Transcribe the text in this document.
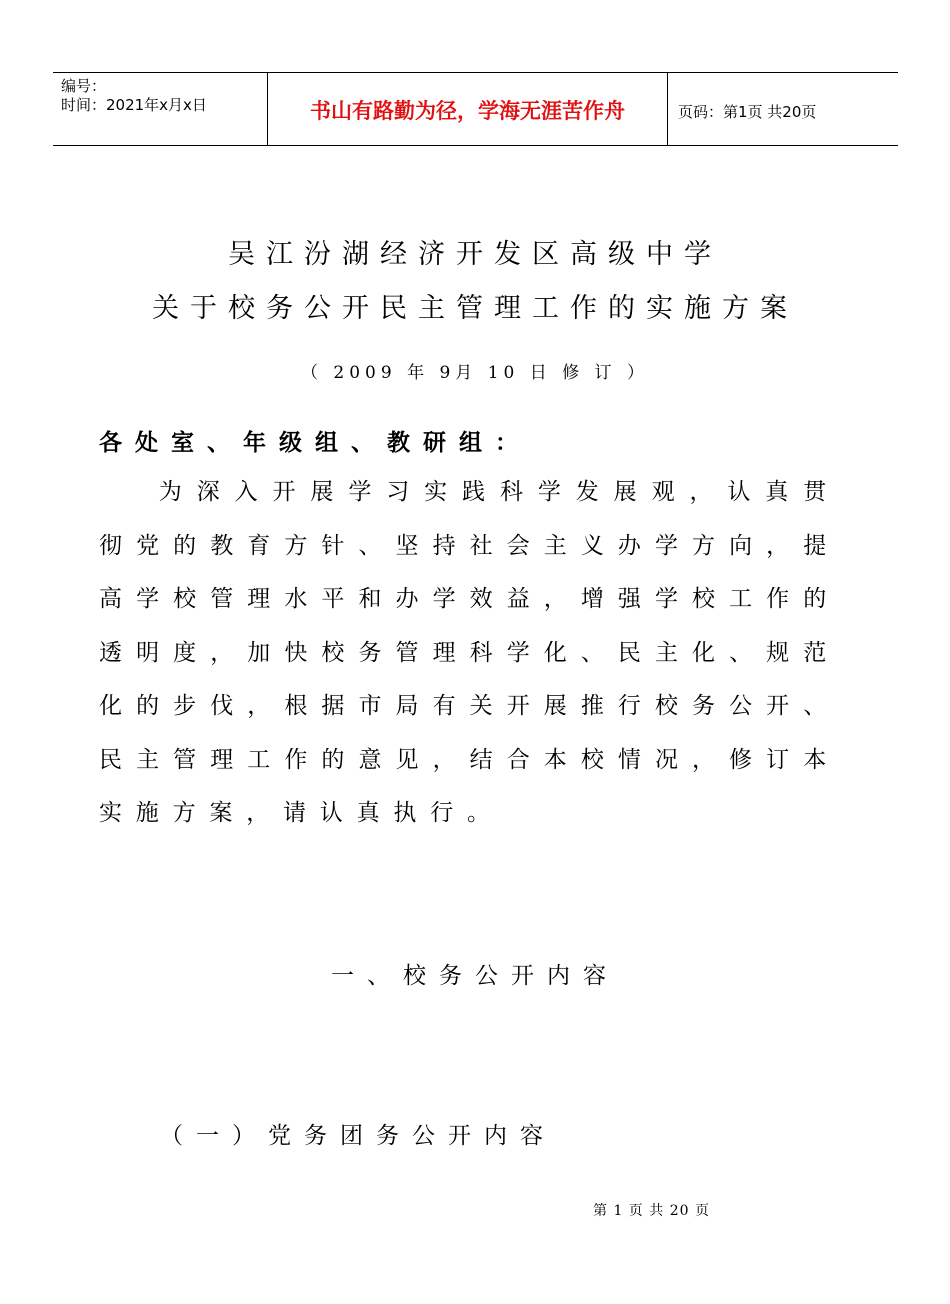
编号：
时间：2021年x月x日	书山有路勤为径，学海无涯苦作舟	页码：第1页 共20页
吴江汾湖经济开发区高级中学
关于校务公开民主管理工作的实施方案
（ 2009 年 9月 10 日 修 订 ）
各处室、年级组、教研组：
为深入开展学习实践科学发展观，认真贯彻党的教育方针、坚持社会主义办学方向，提高学校管理水平和办学效益，增强学校工作的透明度，加快校务管理科学化、民主化、规范化的步伐，根据市局有关开展推行校务公开、民主管理工作的意见，结合本校情况，修订本实施方案，请认真执行。
一、校务公开内容
（一）党务团务公开内容
第 1 页 共 20 页
